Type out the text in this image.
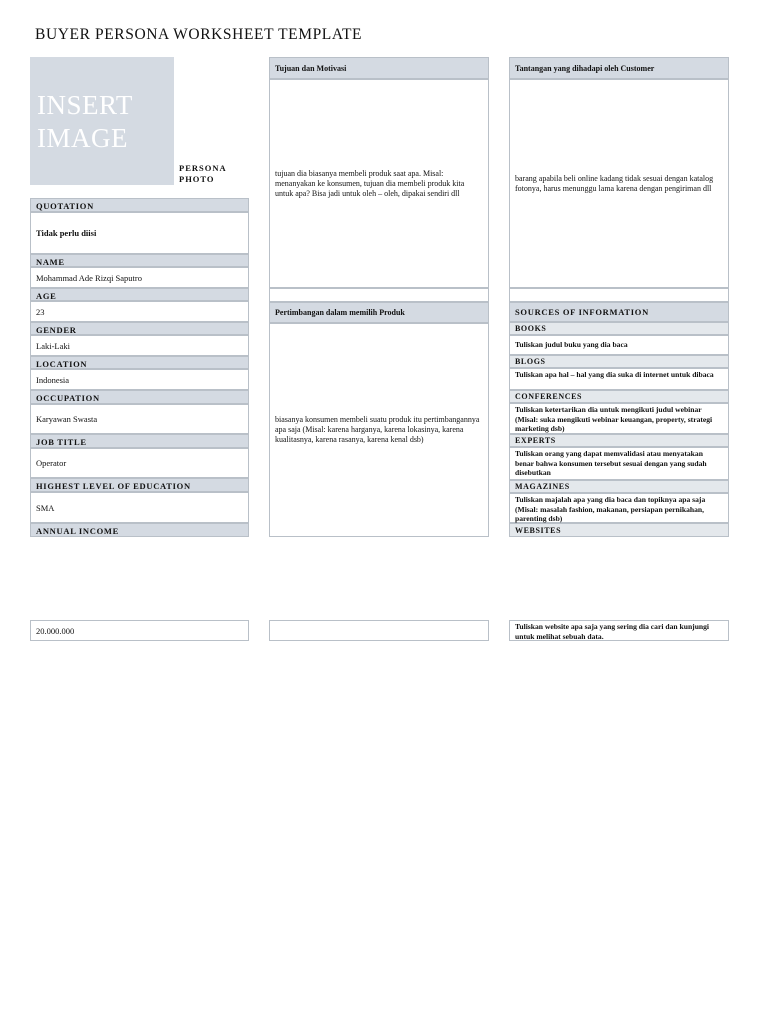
BUYER PERSONA WORKSHEET TEMPLATE
INSERT
IMAGE
PERSONA
PHOTO
QUOTATION
Tidak perlu diisi
NAME
Mohammad Ade Rizqi Saputro
AGE
23
GENDER
Laki-Laki
LOCATION
Indonesia
OCCUPATION
Karyawan Swasta
JOB TITLE
Operator
HIGHEST LEVEL OF EDUCATION
SMA
ANNUAL INCOME
20.000.000
Tujuan dan Motivasi
tujuan dia biasanya membeli produk saat apa. Misal: menanyakan ke konsumen, tujuan dia membeli produk kita untuk apa? Bisa jadi untuk oleh – oleh, dipakai sendiri dll
Pertimbangan dalam memilih Produk
biasanya konsumen membeli suatu produk itu pertimbangannya apa saja (Misal: karena harganya, karena lokasinya, karena kualitasnya, karena rasanya, karena kenal dsb)
Tantangan yang dihadapi oleh Customer
barang apabila beli online kadang tidak sesuai dengan katalog fotonya, harus menunggu lama karena dengan pengiriman dll
SOURCES OF INFORMATION
BOOKS
Tuliskan judul buku yang dia baca
BLOGS
Tuliskan apa hal – hal yang dia suka di internet untuk dibaca
CONFERENCES
Tuliskan ketertarikan dia untuk mengikuti judul webinar (Misal: suka mengikuti webinar keuangan, property, strategi marketing dsb)
EXPERTS
Tuliskan orang yang dapat memvalidasi atau menyatakan benar bahwa konsumen tersebut sesuai dengan yang sudah disebutkan
MAGAZINES
Tuliskan majalah apa yang dia baca dan topiknya apa saja (Misal: masalah fashion, makanan, persiapan pernikahan, parenting dsb)
WEBSITES
Tuliskan website apa saja yang sering dia cari dan kunjungi untuk melihat sebuah data.
